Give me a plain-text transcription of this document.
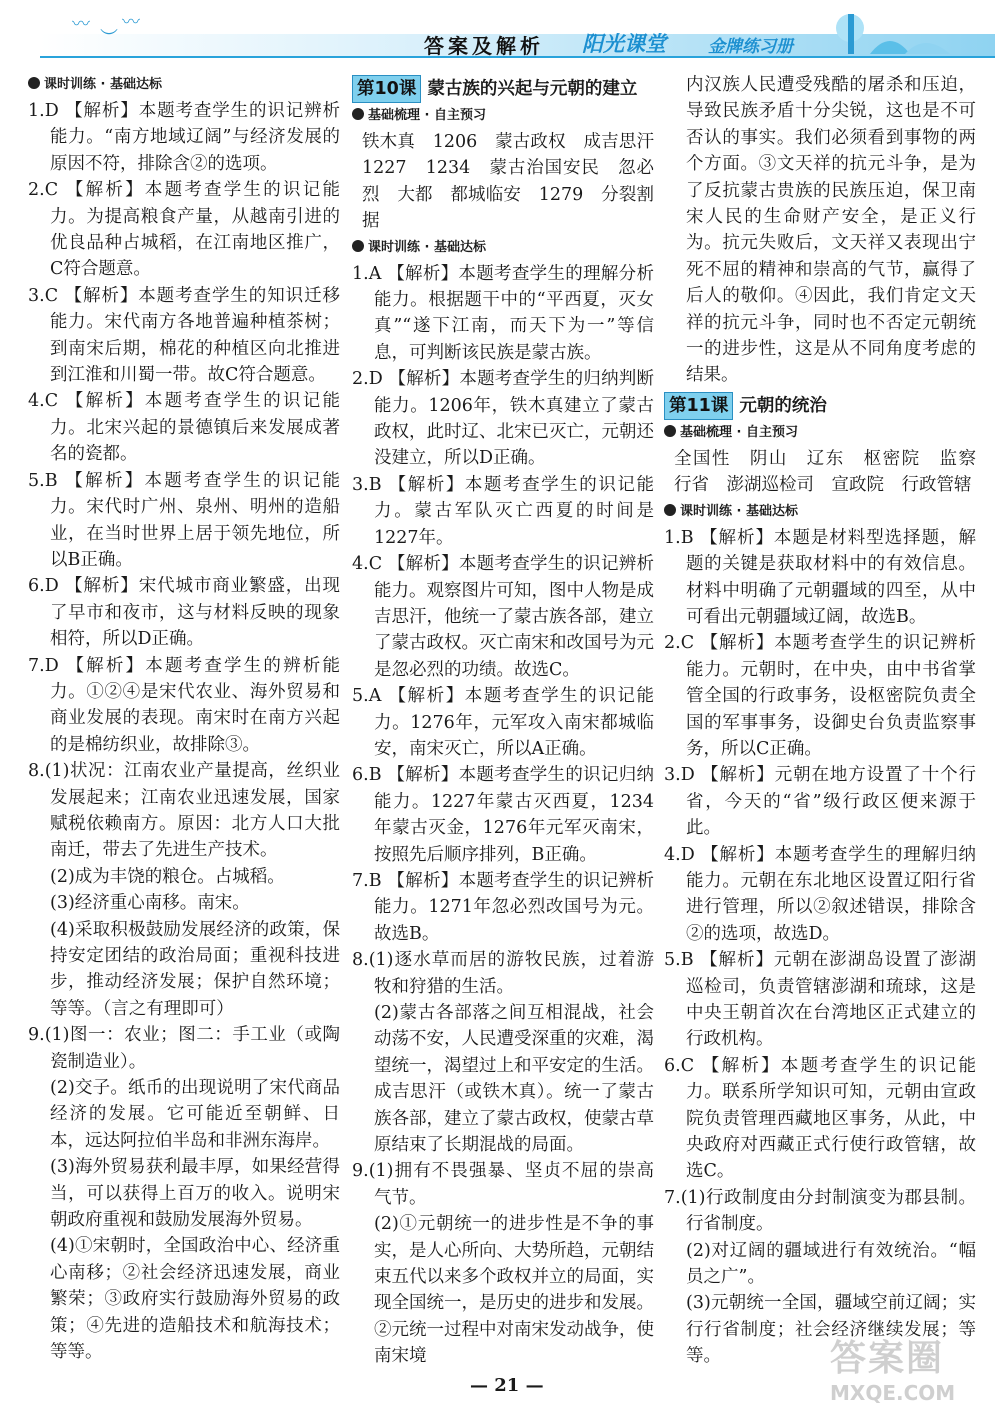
〰
︶
〰
答案及解析 阳光课堂 金牌练习册
课时训练 · 基础达标
1.D 【解析】本题考查学生的识记辨析能力。“南方地域辽阔”与经济发展的原因不符，排除含②的选项。
2.C 【解析】本题考查学生的识记能力。为提高粮食产量，从越南引进的优良品种占城稻，在江南地区推广，C符合题意。
3.C 【解析】本题考查学生的知识迁移能力。宋代南方各地普遍种植茶树；到南宋后期，棉花的种植区向北推进到江淮和川蜀一带。故C符合题意。
4.C 【解析】本题考查学生的识记能力。北宋兴起的景德镇后来发展成著名的瓷都。
5.B 【解析】本题考查学生的识记能力。宋代时广州、泉州、明州的造船业，在当时世界上居于领先地位，所以B正确。
6.D 【解析】宋代城市商业繁盛，出现了早市和夜市，这与材料反映的现象相符，所以D正确。
7.D 【解析】本题考查学生的辨析能力。①②④是宋代农业、海外贸易和商业发展的表现。南宋时在南方兴起的是棉纺织业，故排除③。
8.(1)状况：江南农业产量提高，丝织业发展起来；江南农业迅速发展，国家赋税依赖南方。原因：北方人口大批南迁，带去了先进生产技术。
(2)成为丰饶的粮仓。占城稻。
(3)经济重心南移。南宋。
(4)采取积极鼓励发展经济的政策，保持安定团结的政治局面；重视科技进步，推动经济发展；保护自然环境；等等。（言之有理即可）
9.(1)图一：农业；图二：手工业（或陶瓷制造业）。
(2)交子。纸币的出现说明了宋代商品经济的发展。它可能近至朝鲜、日本，远达阿拉伯半岛和非洲东海岸。
(3)海外贸易获利最丰厚，如果经营得当，可以获得上百万的收入。说明宋朝政府重视和鼓励发展海外贸易。
(4)①宋朝时，全国政治中心、经济重心南移；②社会经济迅速发展，商业繁荣；③政府实行鼓励海外贸易的政策；④先进的造船技术和航海技术；等等。
第10课 蒙古族的兴起与元朝的建立
基础梳理 · 自主预习
铁木真　1206　蒙古政权　成吉思汗　1227　1234　蒙古治国安民　忽必烈　大都　都城临安　1279　分裂割据
课时训练 · 基础达标
1.A 【解析】本题考查学生的理解分析能力。根据题干中的“平西夏，灭女真”“遂下江南，而天下为一”等信息，可判断该民族是蒙古族。
2.D 【解析】本题考查学生的归纳判断能力。1206年，铁木真建立了蒙古政权，此时辽、北宋已灭亡，元朝还没建立，所以D正确。
3.B 【解析】本题考查学生的识记能力。蒙古军队灭亡西夏的时间是1227年。
4.C 【解析】本题考查学生的识记辨析能力。观察图片可知，图中人物是成吉思汗，他统一了蒙古族各部，建立了蒙古政权。灭亡南宋和改国号为元是忽必烈的功绩。故选C。
5.A 【解析】本题考查学生的识记能力。1276年，元军攻入南宋都城临安，南宋灭亡，所以A正确。
6.B 【解析】本题考查学生的识记归纳能力。1227年蒙古灭西夏，1234年蒙古灭金，1276年元军灭南宋，按照先后顺序排列，B正确。
7.B 【解析】本题考查学生的识记辨析能力。1271年忽必烈改国号为元。故选B。
8.(1)逐水草而居的游牧民族，过着游牧和狩猎的生活。
(2)蒙古各部落之间互相混战，社会动荡不安，人民遭受深重的灾难，渴望统一，渴望过上和平安定的生活。成吉思汗（或铁木真）。统一了蒙古族各部，建立了蒙古政权，使蒙古草原结束了长期混战的局面。
9.(1)拥有不畏强暴、坚贞不屈的崇高气节。
(2)①元朝统一的进步性是不争的事实，是人心所向、大势所趋，元朝结束五代以来多个政权并立的局面，实现全国统一，是历史的进步和发展。②元统一过程中对南宋发动战争，使南宋境
内汉族人民遭受残酷的屠杀和压迫，导致民族矛盾十分尖锐，这也是不可否认的事实。我们必须看到事物的两个方面。③文天祥的抗元斗争，是为了反抗蒙古贵族的民族压迫，保卫南宋人民的生命财产安全，是正义行为。抗元失败后，文天祥又表现出宁死不屈的精神和崇高的气节，赢得了后人的敬仰。④因此，我们肯定文天祥的抗元斗争，同时也不否定元朝统一的进步性，这是从不同角度考虑的结果。
第11课 元朝的统治
基础梳理 · 自主预习
全国性　阴山　辽东　枢密院　监察　行省　澎湖巡检司　宣政院　行政管辖
课时训练 · 基础达标
1.B 【解析】本题是材料型选择题，解题的关键是获取材料中的有效信息。材料中明确了元朝疆域的四至，从中可看出元朝疆域辽阔，故选B。
2.C 【解析】本题考查学生的识记辨析能力。元朝时，在中央，由中书省掌管全国的行政事务，设枢密院负责全国的军事事务，设御史台负责监察事务，所以C正确。
3.D 【解析】元朝在地方设置了十个行省，今天的“省”级行政区便来源于此。
4.D 【解析】本题考查学生的理解归纳能力。元朝在东北地区设置辽阳行省进行管理，所以②叙述错误，排除含②的选项，故选D。
5.B 【解析】元朝在澎湖岛设置了澎湖巡检司，负责管辖澎湖和琉球，这是中央王朝首次在台湾地区正式建立的行政机构。
6.C 【解析】本题考查学生的识记能力。联系所学知识可知，元朝由宣政院负责管理西藏地区事务，从此，中央政府对西藏正式行使行政管辖，故选C。
7.(1)行政制度由分封制演变为郡县制。行省制度。
(2)对辽阔的疆域进行有效统治。“幅员之广”。
(3)元朝统一全国，疆域空前辽阔；实行行省制度；社会经济继续发展；等等。
— 21 —
答案圈
MXQE.COM
